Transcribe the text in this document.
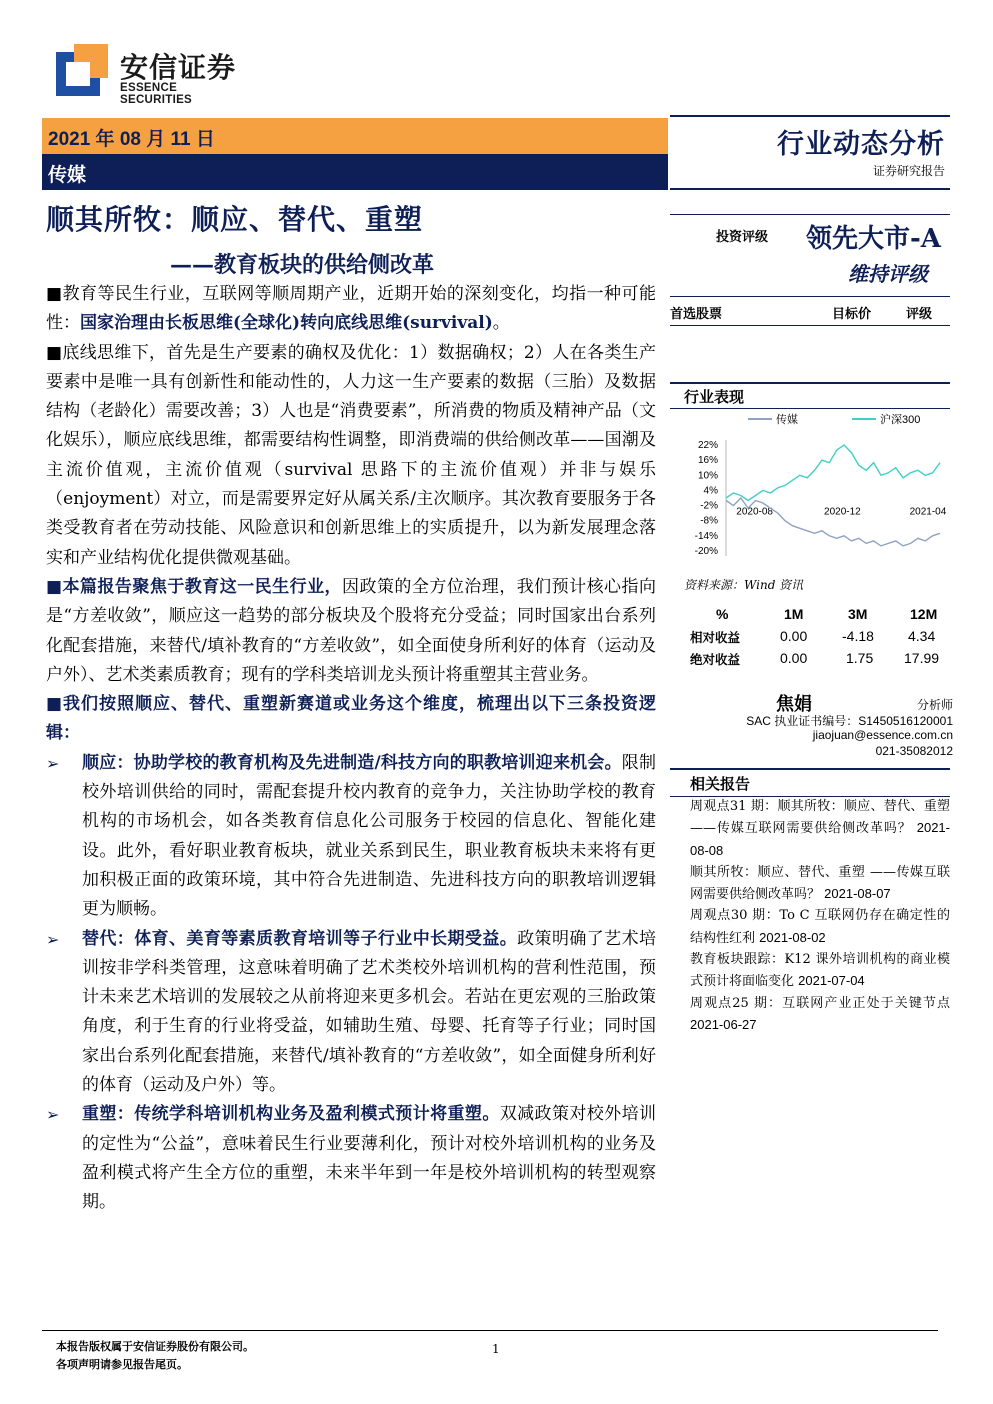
安信证券
ESSENCE SECURITIES
2021 年 08 月 11 日
传媒
行业动态分析
证券研究报告
顺其所牧：顺应、替代、重塑
——教育板块的供给侧改革

■教育等民生行业，互联网等顺周期产业，近期开始的深刻变化，均指一种可能性：国家治理由长板思维(全球化)转向底线思维(survival)。

■底线思维下，首先是生产要素的确权及优化：1）数据确权；2）人在各类生产要素中是唯一具有创新性和能动性的，人力这一生产要素的数据（三胎）及数据结构（老龄化）需要改善；3）人也是“消费要素”，所消费的物质及精神产品（文化娱乐），顺应底线思维，都需要结构性调整，即消费端的供给侧改革——国潮及主流价值观，主流价值观（survival 思路下的主流价值观）并非与娱乐（enjoyment）对立，而是需要界定好从属关系/主次顺序。其次教育要服务于各类受教育者在劳动技能、风险意识和创新思维上的实质提升，以为新发展理念落实和产业结构优化提供微观基础。

■本篇报告聚焦于教育这一民生行业，因政策的全方位治理，我们预计核心指向是“方差收敛”，顺应这一趋势的部分板块及个股将充分受益；同时国家出台系列化配套措施，来替代/填补教育的“方差收敛”，如全面使身所利好的体育（运动及户外）、艺术类素质教育；现有的学科类培训龙头预计将重塑其主营业务。

■我们按照顺应、替代、重塑新赛道或业务这个维度，梳理出以下三条投资逻辑：

➢ 顺应：协助学校的教育机构及先进制造/科技方向的职教培训迎来机会。限制校外培训供给的同时，需配套提升校内教育的竞争力，关注协助学校的教育机构的市场机会，如各类教育信息化公司服务于校园的信息化、智能化建设。此外，看好职业教育板块，就业关系到民生，职业教育板块未来将有更加积极正面的政策环境，其中符合先进制造、先进科技方向的职教培训逻辑更为顺畅。

➢ 替代：体育、美育等素质教育培训等子行业中长期受益。政策明确了艺术培训按非学科类管理，这意味着明确了艺术类校外培训机构的营利性范围，预计未来艺术培训的发展较之从前将迎来更多机会。若站在更宏观的三胎政策角度，利于生育的行业将受益，如辅助生殖、母婴、托育等子行业；同时国家出台系列化配套措施，来替代/填补教育的“方差收敛”，如全面健身所利好的体育（运动及户外）等。

➢ 重塑：传统学科培训机构业务及盈利模式预计将重塑。双减政策对校外培训的定性为“公益”，意味着民生行业要薄利化，预计对校外培训机构的业务及盈利模式将产生全方位的重塑，未来半年到一年是校外培训机构的转型观察期。

投资评级 领先大市-A
维持评级
首选股票	目标价	评级
行业表现
传媒	沪深300
22%
16%
10%
4%
-2%
-8%
-14%
-20%
2020-08	2020-12	2021-04
资料来源：Wind 资讯
%	1M	3M	12M
相对收益	0.00 -4.18 4.34
绝对收益	0.00	1.75 17.99
焦娟	分析师
SAC 执业证书编号：S1450516120001
jiaojuan@essence.com.cn
021-35082012
相关报告

周观点31 期：顺其所牧：顺应、替代、重塑——传媒互联网需要供给侧改革吗？ 2021-08-08

顺其所牧：顺应、替代、重塑 ——传媒互联网需要供给侧改革吗？ 2021-08-07

周观点30 期：To C 互联网仍存在确定性的结构性红利 2021-08-02

教育板块跟踪：K12 课外培训机构的商业模式预计将面临变化 2021-07-04

周观点25 期：互联网产业正处于关键节点 2021-06-27

本报告版权属于安信证券股份有限公司。
各项声明请参见报告尾页。
1
